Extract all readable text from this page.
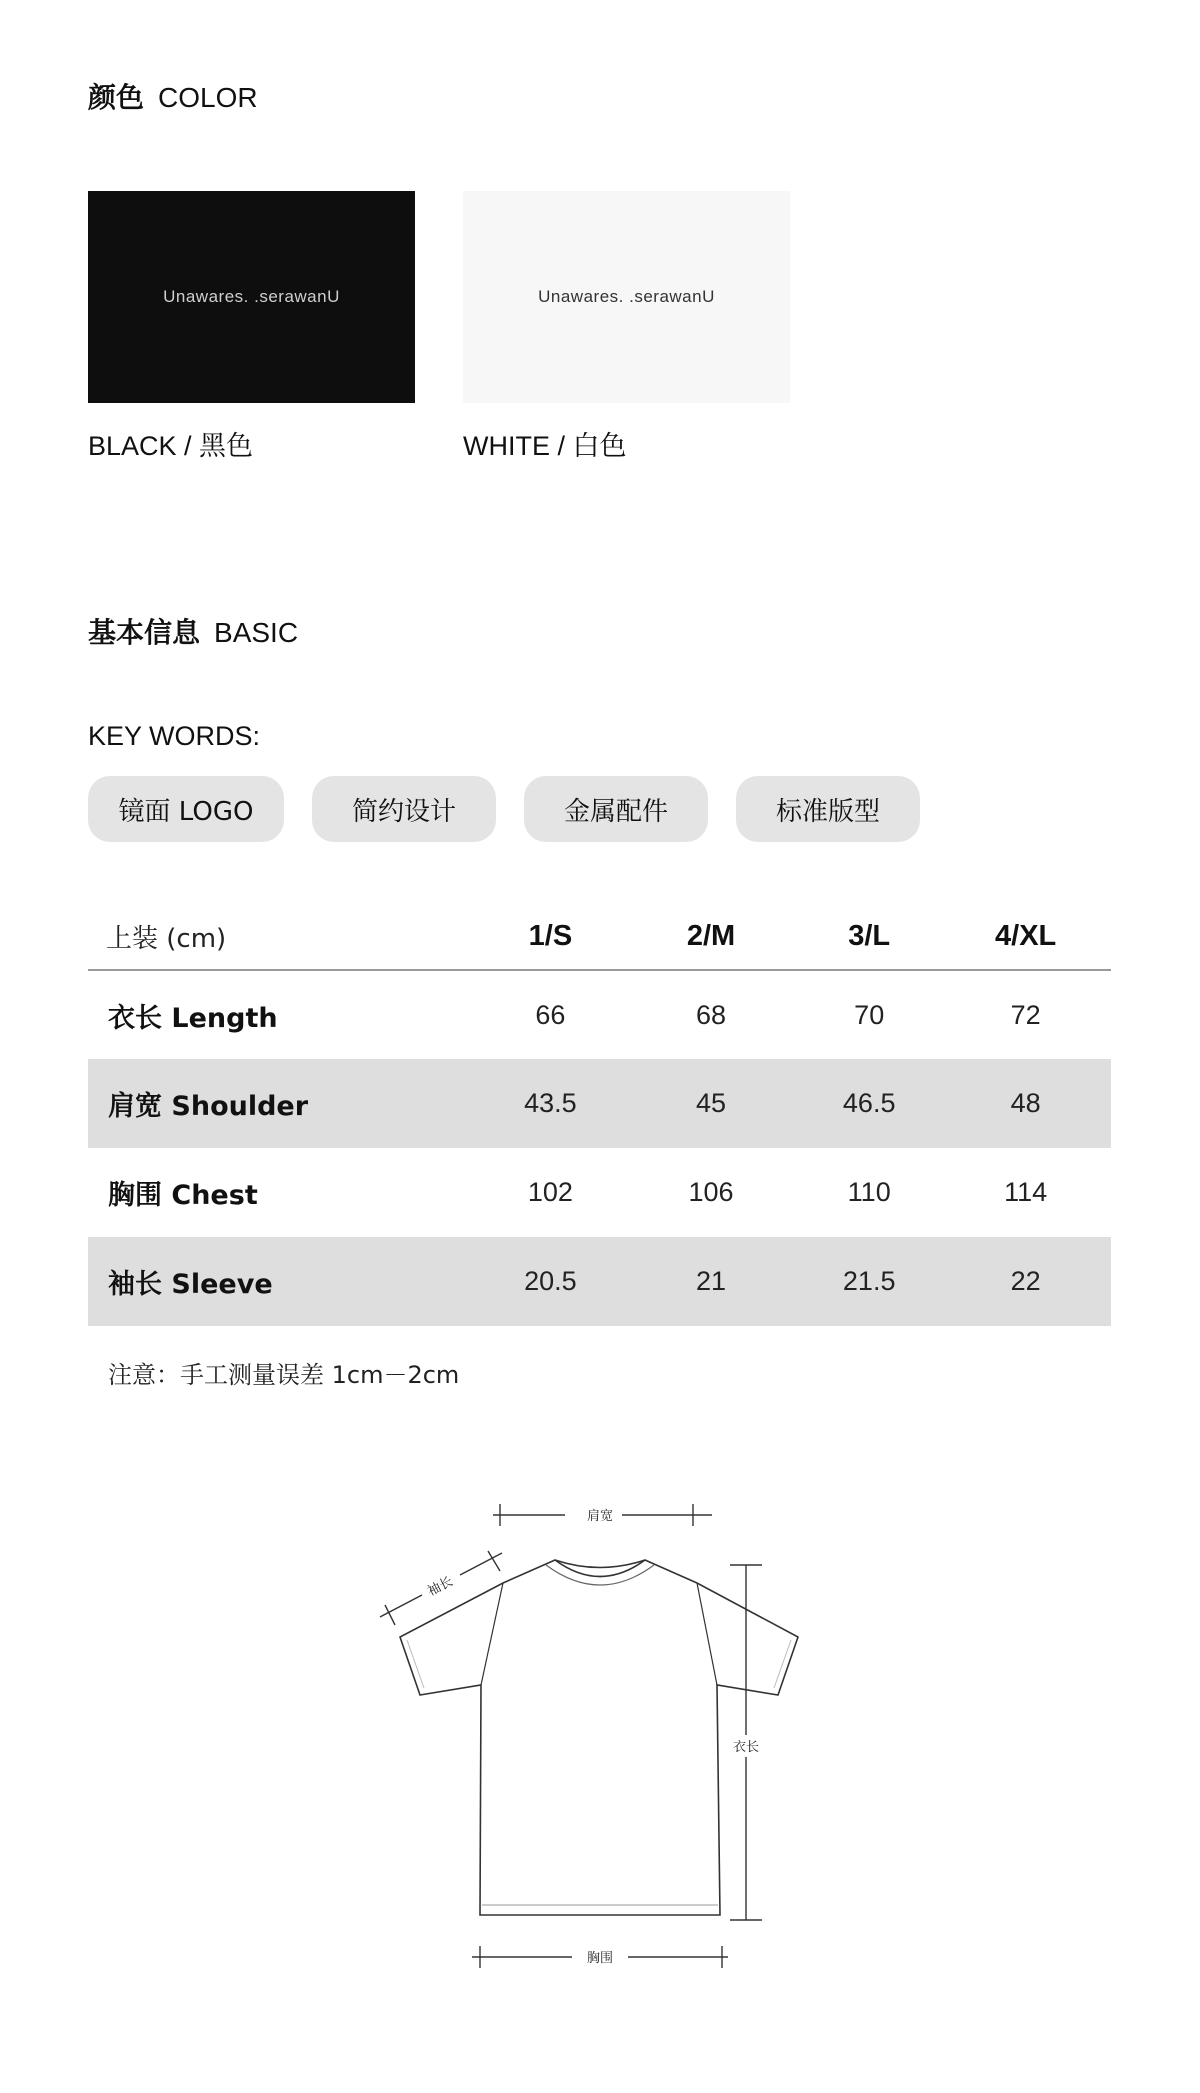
颜色 COLOR
Unawares. .serawanU
BLACK / 黑色
Unawares. .serawanU
WHITE / 白色
基本信息 BASIC
KEY WORDS:
镜面 LOGO	简约设计	金属配件	标准版型
上装 (cm)	1/S	2/M	3/L	4/XL
衣长 Length	66	68	70	72
肩宽 Shoulder	43.5	45	46.5	48
胸围 Chest	102	106	110	114
袖长 Sleeve	20.5	21	21.5	22
注意：手工测量误差 1cm－2cm
肩宽
袖长
衣长
胸围
